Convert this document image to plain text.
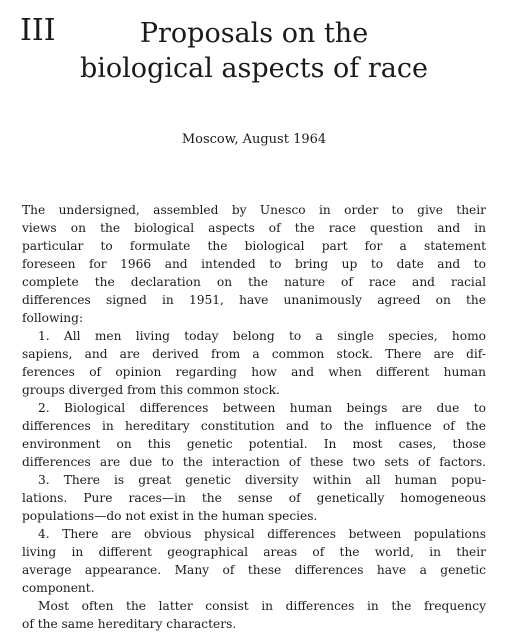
III	Proposals on the
biological aspects of race
Moscow, August 1964
The undersigned, assembled by Unesco in order to give their
views on the biological aspects of the race question and in
particular to formulate the biological part for a statement
foreseen for 1966 and intended to bring up to date and to
complete the declaration on the nature of race and racial
differences signed in 1951, have unanimously agreed on the
following:
1. All men living today belong to a single species, homo
sapiens, and are derived from a common stock. There are dif-
ferences of opinion regarding how and when different human
groups diverged from this common stock.
2. Biological differences between human beings are due to
differences in hereditary constitution and to the influence of the
environment on this genetic potential. In most cases, those
differences are due to the interaction of these two sets of factors.
3. There is great genetic diversity within all human popu-
lations. Pure races—in the sense of genetically homogeneous
populations—do not exist in the human species.
4. There are obvious physical differences between populations
living in different geographical areas of the world, in their
average appearance. Many of these differences have a genetic
component.
Most often the latter consist in differences in the frequency
of the same hereditary characters.
